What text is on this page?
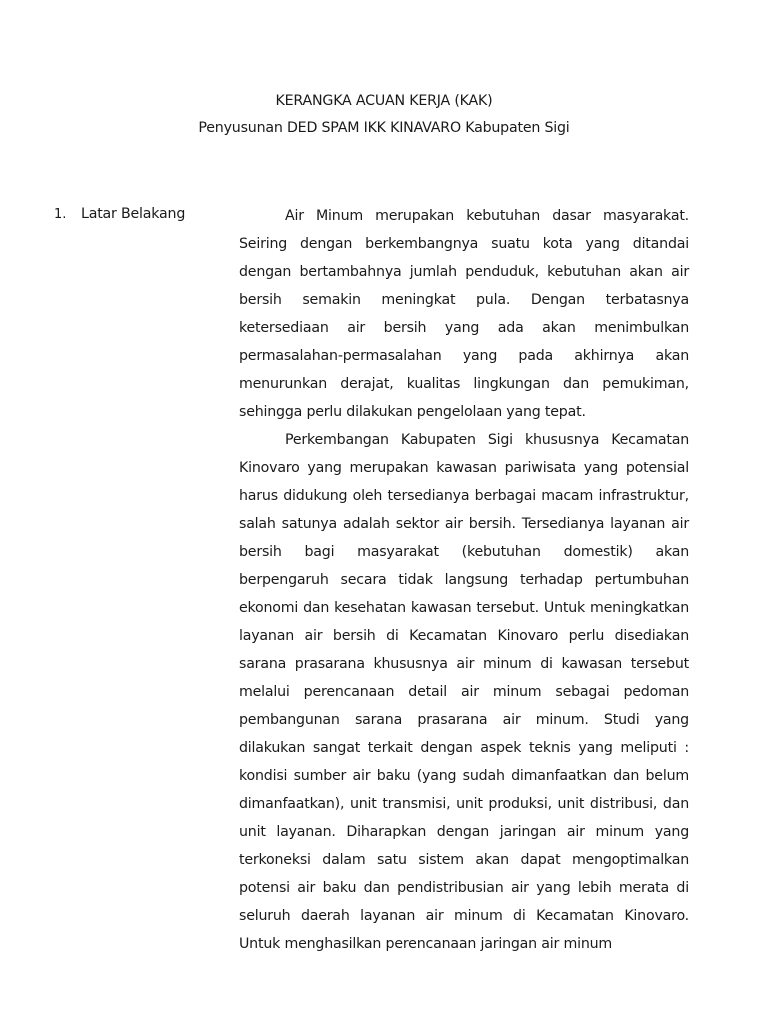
KERANGKA ACUAN KERJA (KAK)
Penyusunan DED SPAM IKK KINAVARO Kabupaten Sigi
1. Latar Belakang	Air Minum merupakan kebutuhan dasar masyarakat. Seiring dengan berkembangnya suatu kota yang ditandai dengan bertambahnya jumlah penduduk, kebutuhan akan air bersih semakin meningkat pula. Dengan terbatasnya ketersediaan air bersih yang ada akan menimbulkan permasalahan-permasalahan yang pada akhirnya akan menurunkan derajat, kualitas lingkungan dan pemukiman, sehingga perlu dilakukan pengelolaan yang tepat.

Perkembangan Kabupaten Sigi khususnya Kecamatan Kinovaro yang merupakan kawasan pariwisata yang potensial harus didukung oleh tersedianya berbagai macam infrastruktur, salah satunya adalah sektor air bersih. Tersedianya layanan air bersih bagi masyarakat (kebutuhan domestik) akan berpengaruh secara tidak langsung terhadap pertumbuhan ekonomi dan kesehatan kawasan tersebut. Untuk meningkatkan layanan air bersih di Kecamatan Kinovaro perlu disediakan sarana prasarana khususnya air minum di kawasan tersebut melalui perencanaan detail air minum sebagai pedoman pembangunan sarana prasarana air minum. Studi yang dilakukan sangat terkait dengan aspek teknis yang meliputi : kondisi sumber air baku (yang sudah dimanfaatkan dan belum dimanfaatkan), unit transmisi, unit produksi, unit distribusi, dan unit layanan. Diharapkan dengan jaringan air minum yang terkoneksi dalam satu sistem akan dapat mengoptimalkan potensi air baku dan pendistribusian air yang lebih merata di seluruh daerah layanan air minum di Kecamatan Kinovaro. Untuk menghasilkan perencanaan jaringan air minum
